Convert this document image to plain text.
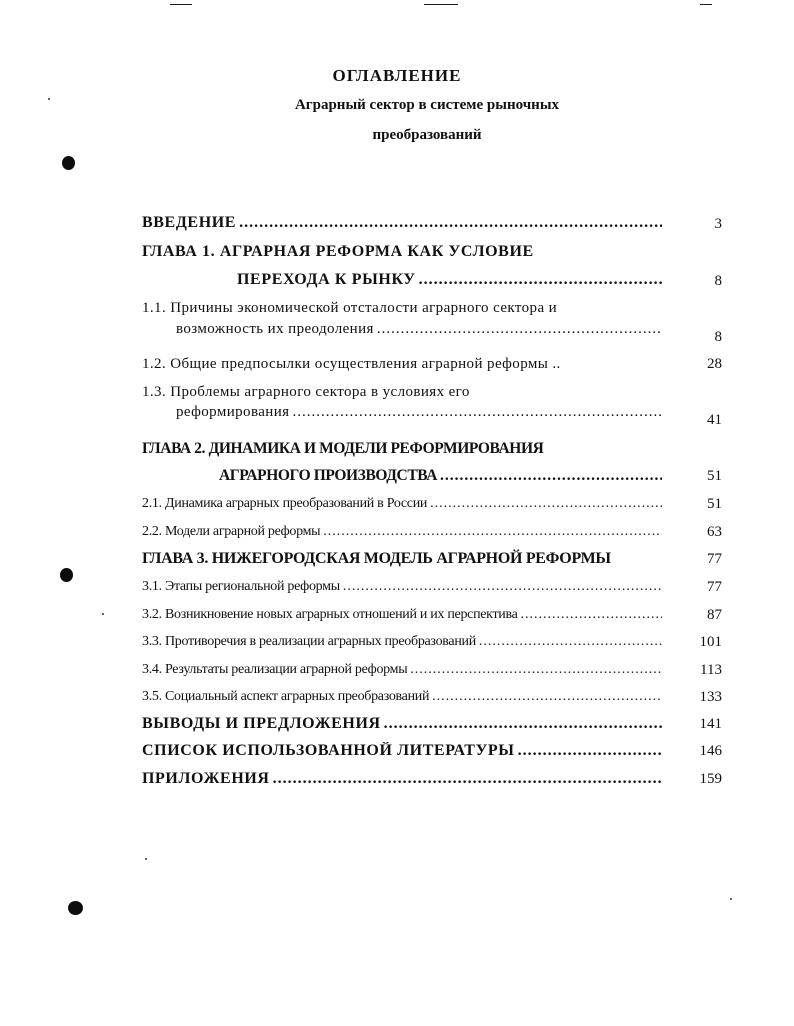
ОГЛАВЛЕНИЕ
Аграрный сектор в системе рыночных
преобразований
ВВЕДЕНИЕ .....	3
ГЛАВА 1. АГРАРНАЯ РЕФОРМА КАК УСЛОВИЕ
ПЕРЕХОДА К РЫНКУ .....	8
1.1. Причины экономической отсталости аграрного сектора и
возможность их преодоления .....	8
1.2. Общие предпосылки осуществления аграрной реформы ..	28
1.3. Проблемы аграрного сектора в условиях его
реформирования .....	41
ГЛАВА 2. ДИНАМИКА И МОДЕЛИ РЕФОРМИРОВАНИЯ
АГРАРНОГО ПРОИЗВОДСТВА .....	51
2.1. Динамика аграрных преобразований в России .....	51
2.2. Модели аграрной реформы .....	63
ГЛАВА 3. НИЖЕГОРОДСКАЯ МОДЕЛЬ АГРАРНОЙ РЕФОРМЫ	77
3.1. Этапы региональной реформы .....	77
3.2. Возникновение новых аграрных отношений и их перспектива .....	87
3.3. Противоречия в реализации аграрных преобразований .....	101
3.4. Результаты реализации аграрной реформы .....	113
3.5. Социальный аспект аграрных преобразований .....	133
ВЫВОДЫ И ПРЕДЛОЖЕНИЯ .....	141
СПИСОК ИСПОЛЬЗОВАННОЙ ЛИТЕРАТУРЫ .....	146
ПРИЛОЖЕНИЯ .....	159
